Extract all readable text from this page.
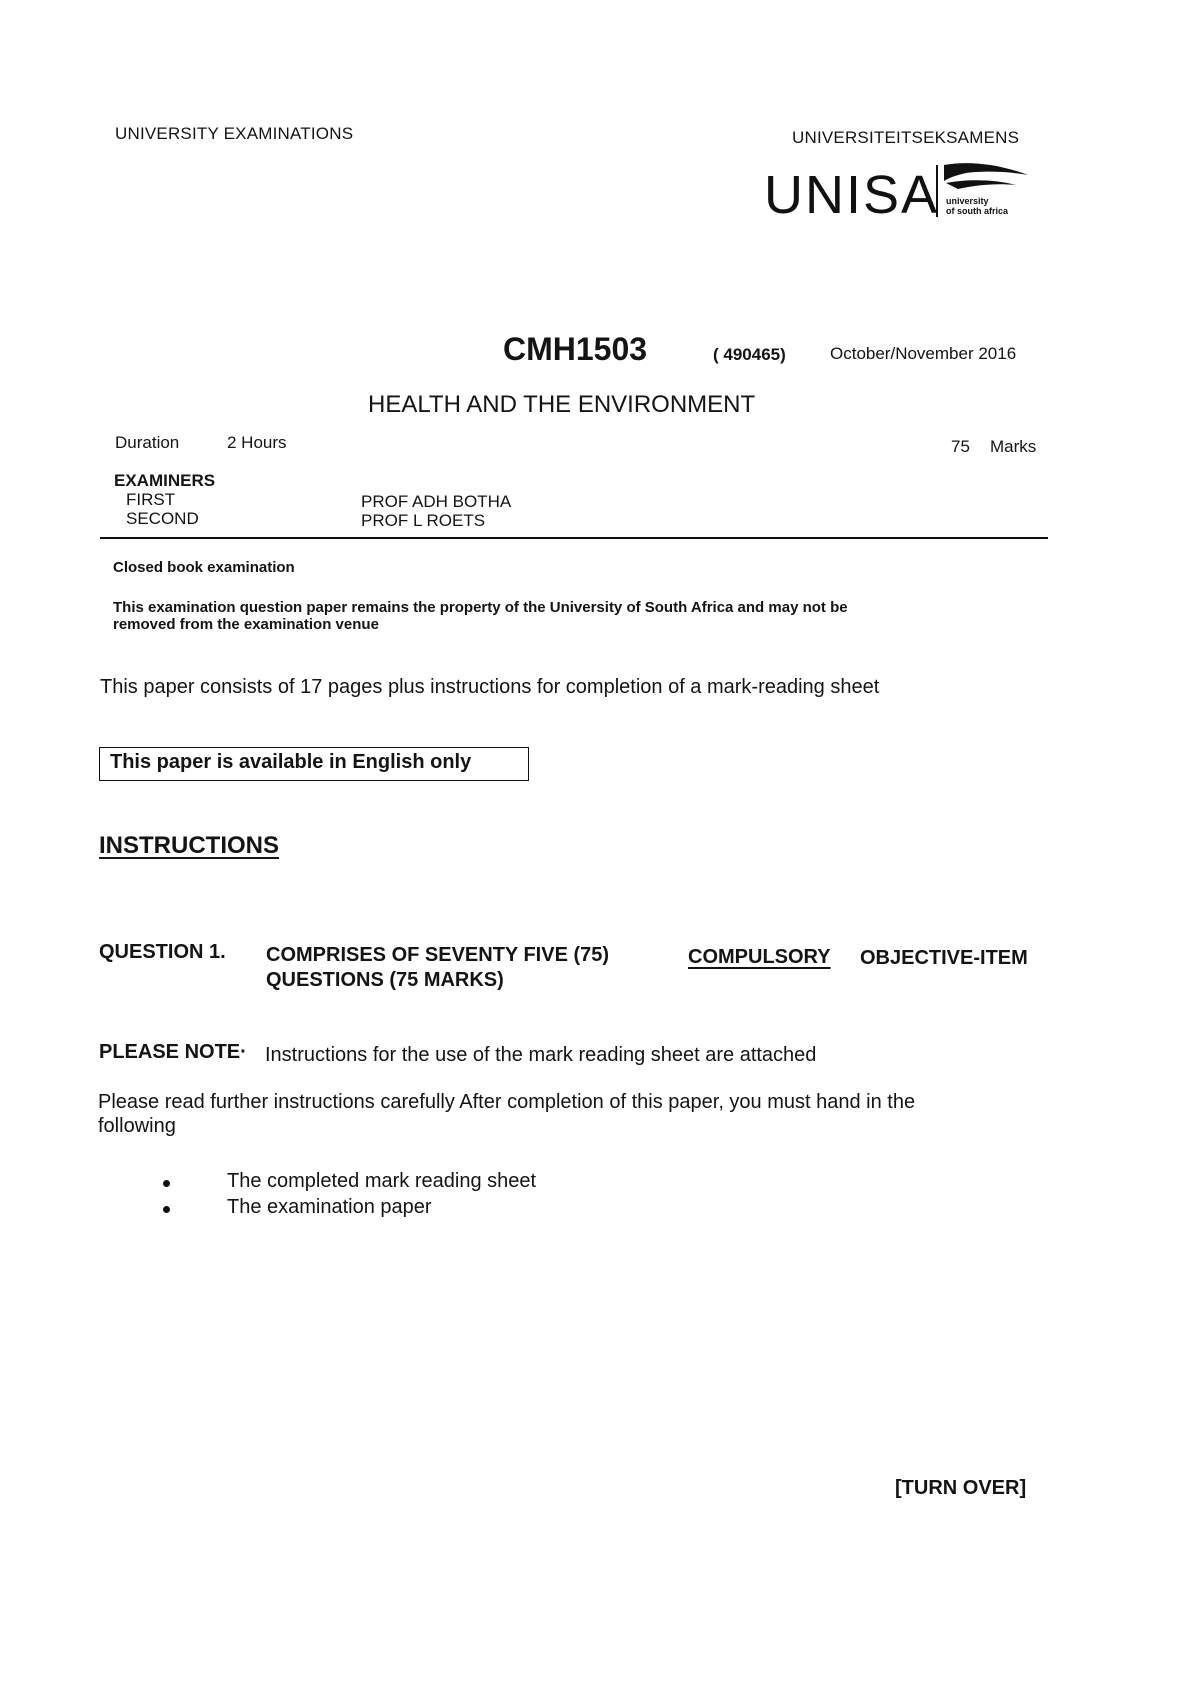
UNIVERSITY EXAMINATIONS	UNIVERSITEITSEKSAMENS
UNISA university
of south africa
CMH1503	( 490465)	October/November 2016
HEALTH AND THE ENVIRONMENT
Duration	2 Hours	75 Marks
EXAMINERS
FIRST	PROF ADH BOTHA
SECOND	PROF L ROETS
Closed book examination
This examination question paper remains the property of the University of South Africa and may not be
removed from the examination venue
This paper consists of 17 pages plus instructions for completion of a mark-reading sheet
This paper is available in English only
INSTRUCTIONS
QUESTION 1. COMPRISES OF SEVENTY FIVE (75)	COMPULSORY OBJECTIVE-ITEM
QUESTIONS (75 MARKS)
PLEASE NOTE· Instructions for the use of the mark reading sheet are attached
Please read further instructions carefully After completion of this paper, you must hand in the
following
The completed mark reading sheet
The examination paper
[TURN OVER]
